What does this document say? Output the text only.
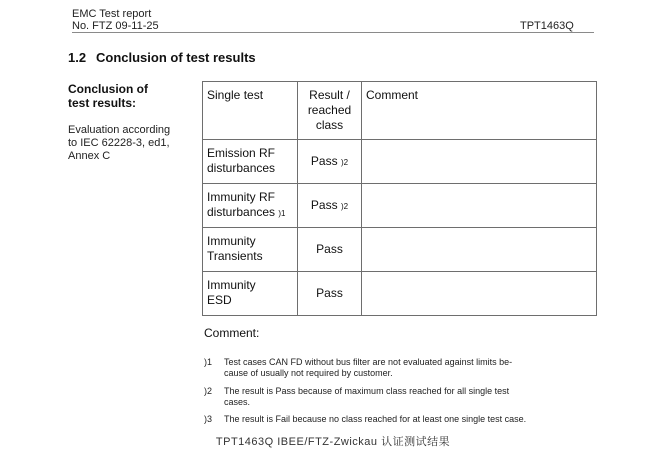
EMC Test report
No. FTZ 09-11-25	TPT1463Q
1.2 Conclusion of test results
Conclusion of
test results:
Evaluation according
to IEC 62228-3, ed1,
Annex C
Single test	Result /
reached
class	Comment

Emission RF
disturbances	Pass )2	

Immunity RF
disturbances )1	Pass )2	

Immunity
Transients	Pass	

Immunity
ESD	Pass	
Comment:
)1 Test cases CAN FD without bus filter are not evaluated against limits be-
cause of usually not required by customer.
)2 The result is Pass because of maximum class reached for all single test
cases.
)3 The result is Fail because no class reached for at least one single test case.
TPT1463Q IBEE/FTZ-Zwickau 认证测试结果
